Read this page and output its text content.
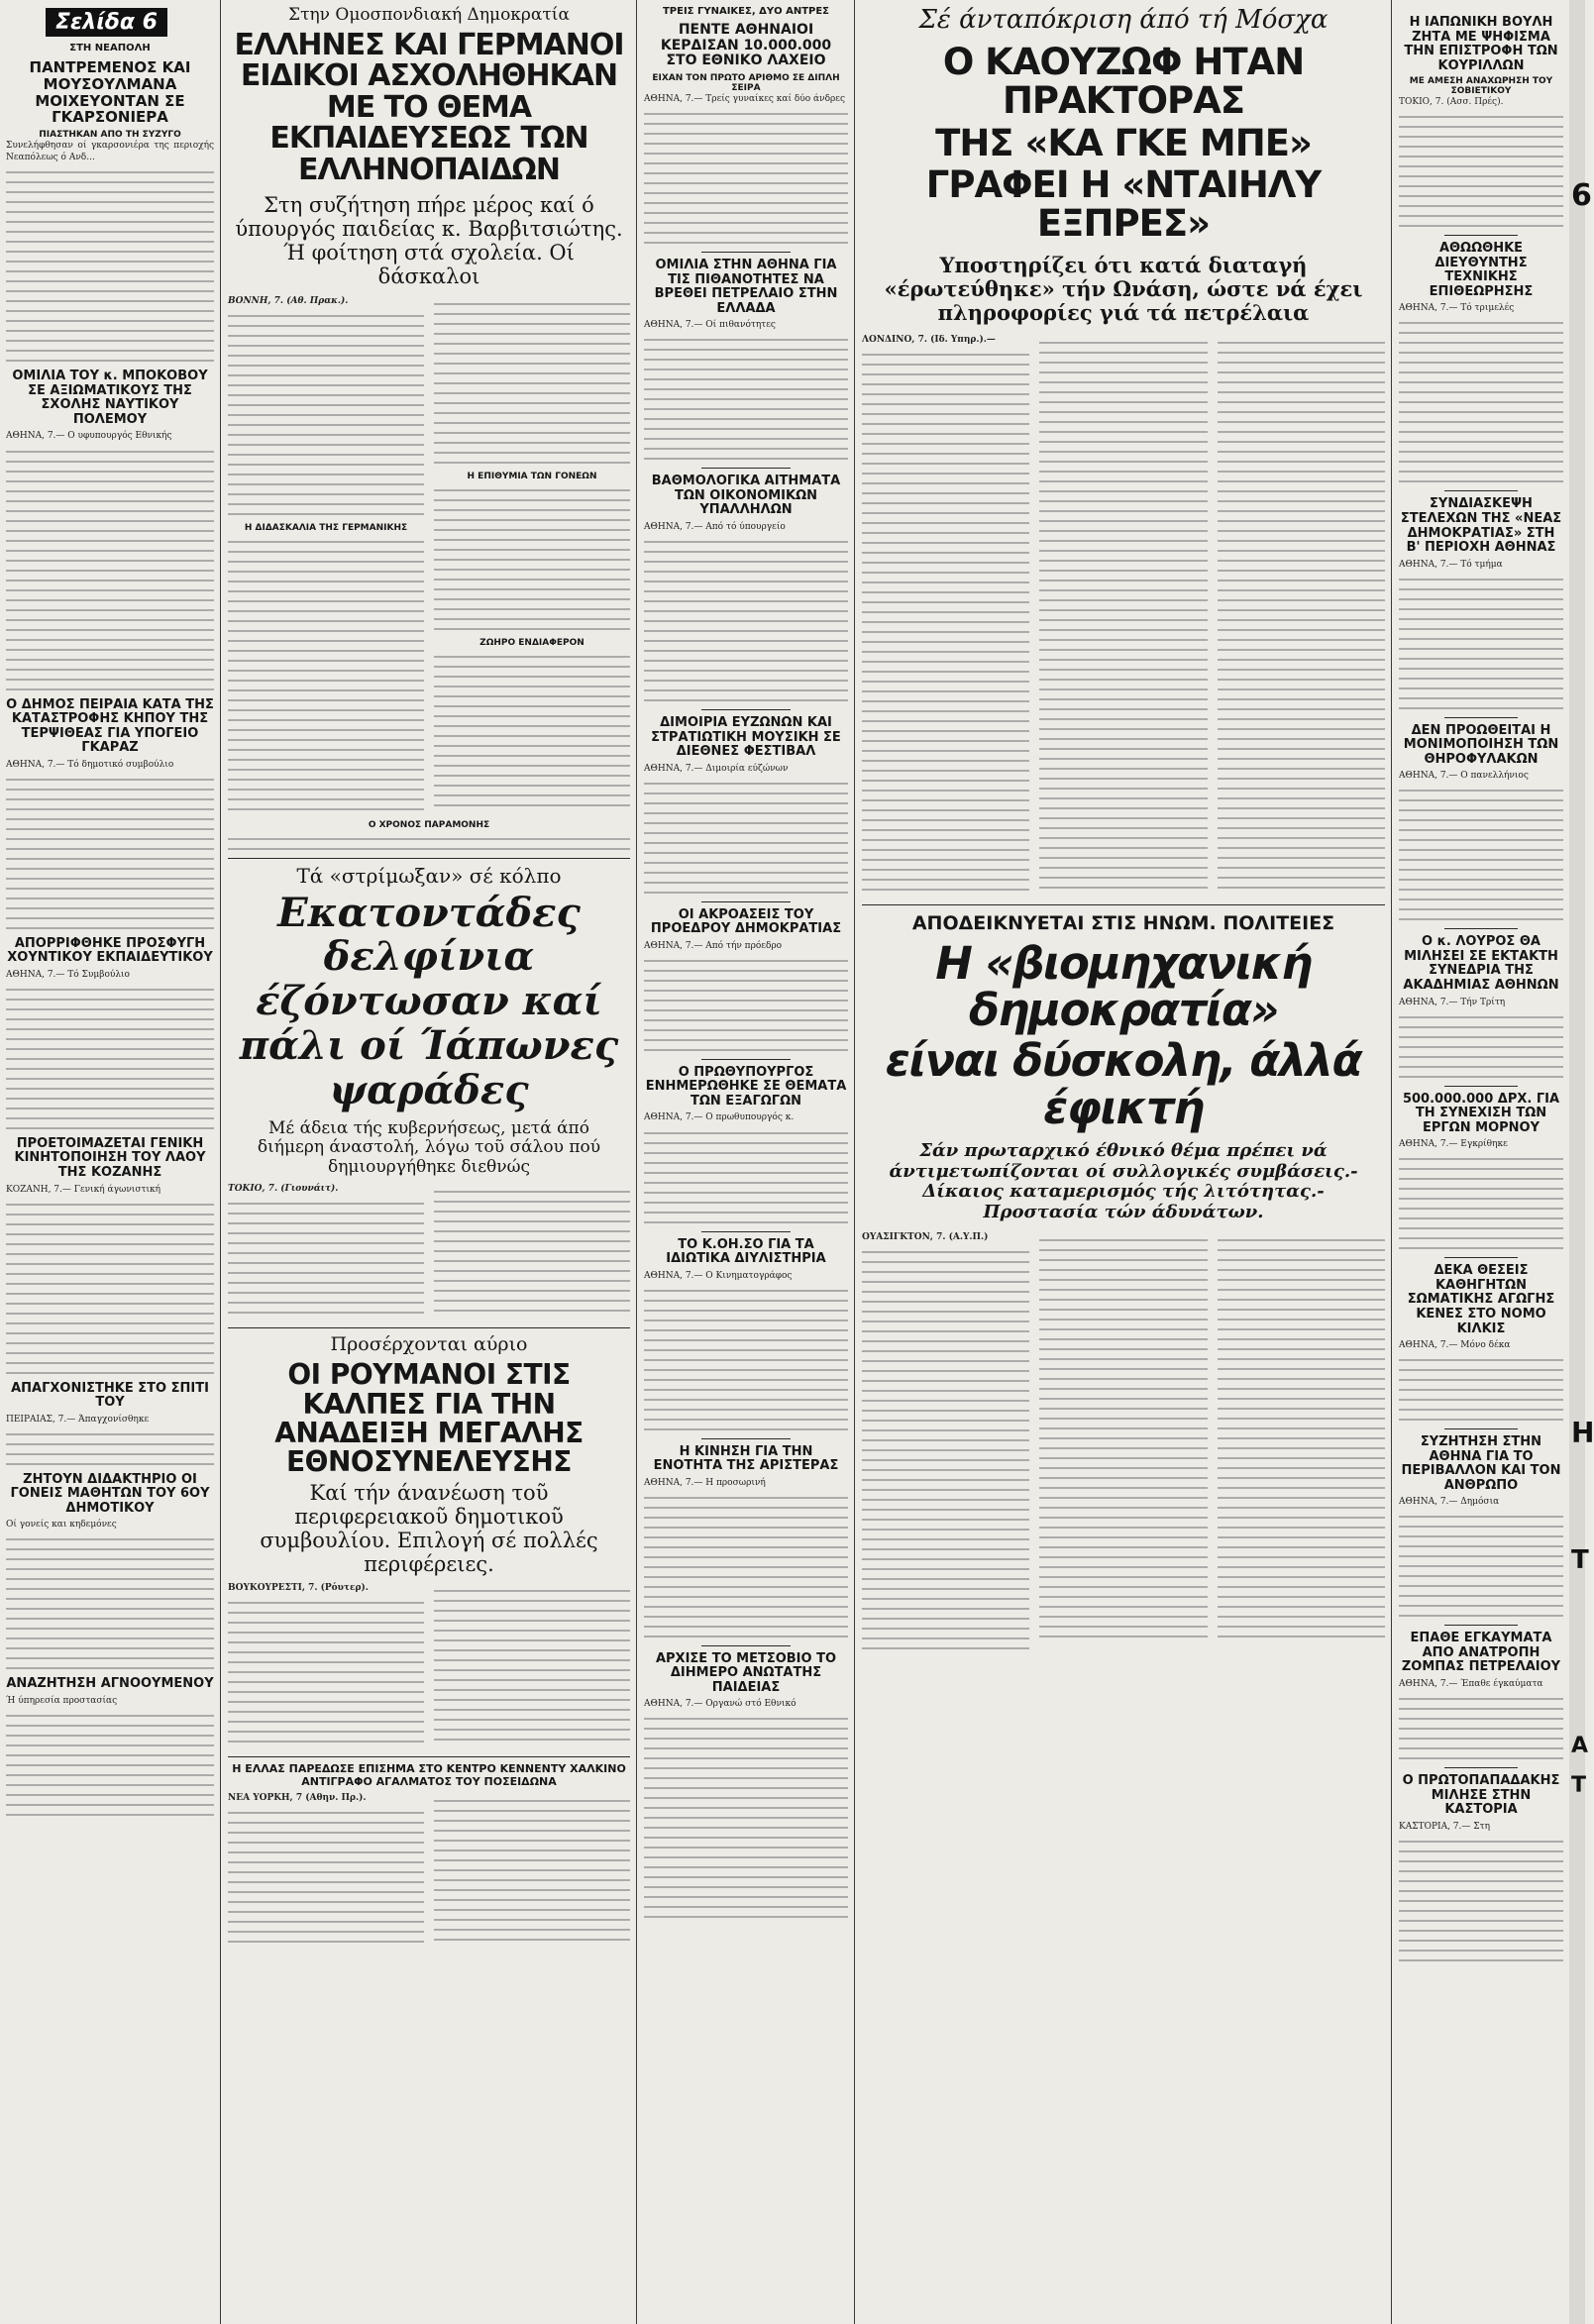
Σελίδα 6
ΣΤΗ ΝΕΑΠΟΛΗ
ΠΑΝΤΡΕΜΕΝΟΣ ΚΑΙ ΜΟΥΣΟΥΛΜΑΝΑ ΜΟΙΧΕΥΟΝΤΑΝ ΣΕ ΓΚΑΡΣΟΝΙΕΡΑ
ΠΙΑΣΤΗΚΑΝ ΑΠΟ ΤΗ ΣΥΖΥΓΟ

Συνελήφθησαν οί γκαρσονιέρα της περιοχής Νεαπόλεως ό Ανδ...

ΟΜΙΛΙΑ ΤΟΥ κ. ΜΠΟΚΟΒΟΥ ΣΕ ΑΞΙΩΜΑΤΙΚΟΥΣ ΤΗΣ ΣΧΟΛΗΣ ΝΑΥΤΙΚΟΥ ΠΟΛΕΜΟΥ

ΑΘΗΝΑ, 7.— Ο υφυπουργός Εθνικής

Ο ΔΗΜΟΣ ΠΕΙΡΑΙΑ ΚΑΤΑ ΤΗΣ ΚΑΤΑΣΤΡΟΦΗΣ ΚΗΠΟΥ ΤΗΣ ΤΕΡΨΙΘΕΑΣ ΓΙΑ ΥΠΟΓΕΙΟ ΓΚΑΡΑΖ

ΑΘΗΝΑ, 7.— Τό δημοτικό συμβούλιο

ΑΠΟΡΡΙΦΘΗΚΕ ΠΡΟΣΦΥΓΗ ΧΟΥΝΤΙΚΟΥ ΕΚΠΑΙΔΕΥΤΙΚΟΥ

ΑΘΗΝΑ, 7.— Τό Συμβούλιο

ΠΡΟΕΤΟΙΜΑΖΕΤΑΙ ΓΕΝΙΚΗ ΚΙΝΗΤΟΠΟΙΗΣΗ ΤΟΥ ΛΑΟΥ ΤΗΣ ΚΟΖΑΝΗΣ

ΚΟΖΑΝΗ, 7.— Γενική άγωνιστική

ΑΠΑΓΧΟΝΙΣΤΗΚΕ ΣΤΟ ΣΠΙΤΙ ΤΟΥ

ΠΕΙΡΑΙΑΣ, 7.— Άπαγχονίσθηκε

ΖΗΤΟΥΝ ΔΙΔΑΚΤΗΡΙΟ ΟΙ ΓΟΝΕΙΣ ΜΑΘΗΤΩΝ ΤΟΥ 6ΟΥ ΔΗΜΟΤΙΚΟΥ

Οί γονείς και κηδεμόνες

ΑΝΑΖΗΤΗΣΗ ΑΓΝΟΟΥΜΕΝΟΥ

Ή ύπηρεσία προστασίας

Στην Ομοσπονδιακή Δημοκρατία
ΕΛΛΗΝΕΣ ΚΑΙ ΓΕΡΜΑΝΟΙ ΕΙΔΙΚΟΙ ΑΣΧΟΛΗΘΗΚΑΝ ΜΕ ΤΟ ΘΕΜΑ ΕΚΠΑΙΔΕΥΣΕΩΣ ΤΩΝ ΕΛΛΗΝΟΠΑΙΔΩΝ
Στη συζήτηση πήρε μέρος καί ό ύπουργός παιδείας κ. Βαρβιτσιώτης. Ή φοίτηση στά σχολεία. Οί δάσκαλοι

ΒΟΝΝΗ, 7. (Αθ. Πρακ.).

Η ΔΙΔΑΣΚΑΛΙΑ ΤΗΣ ΓΕΡΜΑΝΙΚΗΣ
Η ΕΠΙΘΥΜΙΑ ΤΩΝ ΓΟΝΕΩΝ
ΖΩΗΡΟ ΕΝΔΙΑΦΕΡΟΝ
Ο ΧΡΟΝΟΣ ΠΑΡΑΜΟΝΗΣ
Τά «στρίμωξαν» σέ κόλπο
Εκατοντάδες δελφίνια έζόντωσαν καί πάλι οί Ίάπωνες ψαράδες
Μέ άδεια τής κυβερνήσεως, μετά άπό διήμερη άναστολή, λόγω τοῦ σάλου πού δημιουργήθηκε διεθνώς

ΤΟΚΙΟ, 7. (Γιουνάιτ).

Προσέρχονται αύριο
ΟΙ ΡΟΥΜΑΝΟΙ ΣΤΙΣ ΚΑΛΠΕΣ ΓΙΑ ΤΗΝ ΑΝΑΔΕΙΞΗ ΜΕΓΑΛΗΣ ΕΘΝΟΣΥΝΕΛΕΥΣΗΣ
Καί τήν άνανέωση τοῦ περιφερειακοῦ δημοτικοῦ συμβουλίου. Επιλογή σέ πολλές περιφέρειες.

ΒΟΥΚΟΥΡΕΣΤΙ, 7. (Ρόυτερ).

Η ΕΛΛΑΣ ΠΑΡΕΔΩΣΕ ΕΠΙΣΗΜΑ ΣΤΟ ΚΕΝΤΡΟ ΚΕΝΝΕΝΤΥ ΧΑΛΚΙΝΟ ΑΝΤΙΓΡΑΦΟ ΑΓΑΛΜΑΤΟΣ ΤΟΥ ΠΟΣΕΙΔΩΝΑ

ΝΕΑ ΥΟΡΚΗ, 7 (Αθην. Πρ.).

ΤΡΕΙΣ ΓΥΝΑΙΚΕΣ, ΔΥΟ ΑΝΤΡΕΣ
ΠΕΝΤΕ ΑΘΗΝΑΙΟΙ ΚΕΡΔΙΣΑΝ 10.000.000 ΣΤΟ ΕΘΝΙΚΟ ΛΑΧΕΙΟ
ΕΙΧΑΝ ΤΟΝ ΠΡΩΤΟ ΑΡΙΘΜΟ ΣΕ ΔΙΠΛΗ ΣΕΙΡΑ

ΑΘΗΝΑ, 7.— Τρείς γυναίκες καί δύο άνδρες

ΟΜΙΛΙΑ ΣΤΗΝ ΑΘΗΝΑ ΓΙΑ ΤΙΣ ΠΙΘΑΝΟΤΗΤΕΣ ΝΑ ΒΡΕΘΕΙ ΠΕΤΡΕΛΑΙΟ ΣΤΗΝ ΕΛΛΑΔΑ

ΑΘΗΝΑ, 7.— Οί πιθανότητες

ΒΑΘΜΟΛΟΓΙΚΑ ΑΙΤΗΜΑΤΑ ΤΩΝ ΟΙΚΟΝΟΜΙΚΩΝ ΥΠΑΛΛΗΛΩΝ

ΑΘΗΝΑ, 7.— Από τό ύπουργείο

ΔΙΜΟΙΡΙΑ ΕΥΖΩΝΩΝ ΚΑΙ ΣΤΡΑΤΙΩΤΙΚΗ ΜΟΥΣΙΚΗ ΣΕ ΔΙΕΘΝΕΣ ΦΕΣΤΙΒΑΛ

ΑΘΗΝΑ, 7.— Διμοιρία εύζώνων

ΟΙ ΑΚΡΟΑΣΕΙΣ ΤΟΥ ΠΡΟΕΔΡΟΥ ΔΗΜΟΚΡΑΤΙΑΣ

ΑΘΗΝΑ, 7.— Από τήν πρόεδρο

Ο ΠΡΩΘΥΠΟΥΡΓΟΣ ΕΝΗΜΕΡΩΘΗΚΕ ΣΕ ΘΕΜΑΤΑ ΤΩΝ ΕΞΑΓΩΓΩΝ

ΑΘΗΝΑ, 7.— Ο πρωθυπουργός κ.

ΤΟ Κ.ΟΗ.ΣΟ ΓΙΑ ΤΑ ΙΔΙΩΤΙΚΑ ΔΙΥΛΙΣΤΗΡΙΑ

ΑΘΗΝΑ, 7.— Ο Κινηματογράφος

Η ΚΙΝΗΣΗ ΓΙΑ ΤΗΝ ΕΝΟΤΗΤΑ ΤΗΣ ΑΡΙΣΤΕΡΑΣ

ΑΘΗΝΑ, 7.— Η προσωρινή

ΑΡΧΙΣΕ ΤΟ ΜΕΤΣΟΒΙΟ ΤΟ ΔΙΗΜΕΡΟ ΑΝΩΤΑΤΗΣ ΠΑΙΔΕΙΑΣ

ΑΘΗΝΑ, 7.— Οργανώ στό Εθνικό

Σέ άνταπόκριση άπό τή Μόσχα
Ο ΚΑΟΥΖΩΦ ΗΤΑΝ ΠΡΑΚΤΟΡΑΣ
ΤΗΣ «ΚΑ ΓΚΕ ΜΠΕ»
ΓΡΑΦΕΙ Η «ΝΤΑΙΗΛΥ ΕΞΠΡΕΣ»
Υποστηρίζει ότι κατά διαταγή «έρωτεύθηκε» τήν Ωνάση, ώστε νά έχει πληροφορίες γιά τά πετρέλαια

ΛΟΝΔΙΝΟ, 7. (Ιδ. Υπηρ.).—

ΑΠΟΔΕΙΚΝΥΕΤΑΙ ΣΤΙΣ ΗΝΩΜ. ΠΟΛΙΤΕΙΕΣ
Η «βιομηχανική δημοκρατία»
είναι δύσκολη, άλλά έφικτή
Σάν πρωταρχικό έθνικό θέμα πρέπει νά άντιμετωπίζονται οί συλλογικές συμβάσεις.-Δίκαιος καταμερισμός τής λιτότητας.- Προστασία τών άδυνάτων.

ΟΥΑΣΙΓΚΤΟΝ, 7. (Α.Υ.Π.)

Η ΙΑΠΩΝΙΚΗ ΒΟΥΛΗ ΖΗΤΑ ΜΕ ΨΗΦΙΣΜΑ ΤΗΝ ΕΠΙΣΤΡΟΦΗ ΤΩΝ ΚΟΥΡΙΛΛΩΝ
ΜΕ ΑΜΕΣΗ ΑΝΑΧΩΡΗΣΗ ΤΟΥ ΣΟΒΙΕΤΙΚΟΥ

ΤΟΚΙΟ, 7. (Ασσ. Πρές).

ΑΘΩΩΘΗΚΕ ΔΙΕΥΘΥΝΤΗΣ ΤΕΧΝΙΚΗΣ ΕΠΙΘΕΩΡΗΣΗΣ

ΑΘΗΝΑ, 7.— Τό τριμελές

ΣΥΝΔΙΑΣΚΕΨΗ ΣΤΕΛΕΧΩΝ ΤΗΣ «ΝΕΑΣ ΔΗΜΟΚΡΑΤΙΑΣ» ΣΤΗ Β' ΠΕΡΙΟΧΗ ΑΘΗΝΑΣ

ΑΘΗΝΑ, 7.— Τό τμήμα

ΔΕΝ ΠΡΟΩΘΕΙΤΑΙ Η ΜΟΝΙΜΟΠΟΙΗΣΗ ΤΩΝ ΘΗΡΟΦΥΛΑΚΩΝ

ΑΘΗΝΑ, 7.— Ο πανελλήνιος

Ο κ. ΛΟΥΡΟΣ ΘΑ ΜΙΛΗΣΕΙ ΣΕ ΕΚΤΑΚΤΗ ΣΥΝΕΔΡΙΑ ΤΗΣ ΑΚΑΔΗΜΙΑΣ ΑΘΗΝΩΝ

ΑΘΗΝΑ, 7.— Τήν Τρίτη

500.000.000 ΔΡΧ. ΓΙΑ ΤΗ ΣΥΝΕΧΙΣΗ ΤΩΝ ΕΡΓΩΝ ΜΟΡΝΟΥ

ΑΘΗΝΑ, 7.— Εγκρίθηκε

ΔΕΚΑ ΘΕΣΕΙΣ ΚΑΘΗΓΗΤΩΝ ΣΩΜΑΤΙΚΗΣ ΑΓΩΓΗΣ ΚΕΝΕΣ ΣΤΟ ΝΟΜΟ ΚΙΛΚΙΣ

ΑΘΗΝΑ, 7.— Μόνο δέκα

ΣΥΖΗΤΗΣΗ ΣΤΗΝ ΑΘΗΝΑ ΓΙΑ ΤΟ ΠΕΡΙΒΑΛΛΟΝ ΚΑΙ ΤΟΝ ΑΝΘΡΩΠΟ

ΑΘΗΝΑ, 7.— Δημόσια

ΕΠΑΘΕ ΕΓΚΑΥΜΑΤΑ ΑΠΟ ΑΝΑΤΡΟΠΗ ΖΟΜΠΑΣ ΠΕΤΡΕΛΑΙΟΥ

ΑΘΗΝΑ, 7.— Έπαθε έγκαύματα

Ο ΠΡΩΤΟΠΑΠΑΔΑΚΗΣ ΜΙΛΗΣΕ ΣΤΗΝ ΚΑΣΤΟΡΙΑ

ΚΑΣΤΟΡΙΑ, 7.— Στη

6
Η
Τ
Α
Τ
